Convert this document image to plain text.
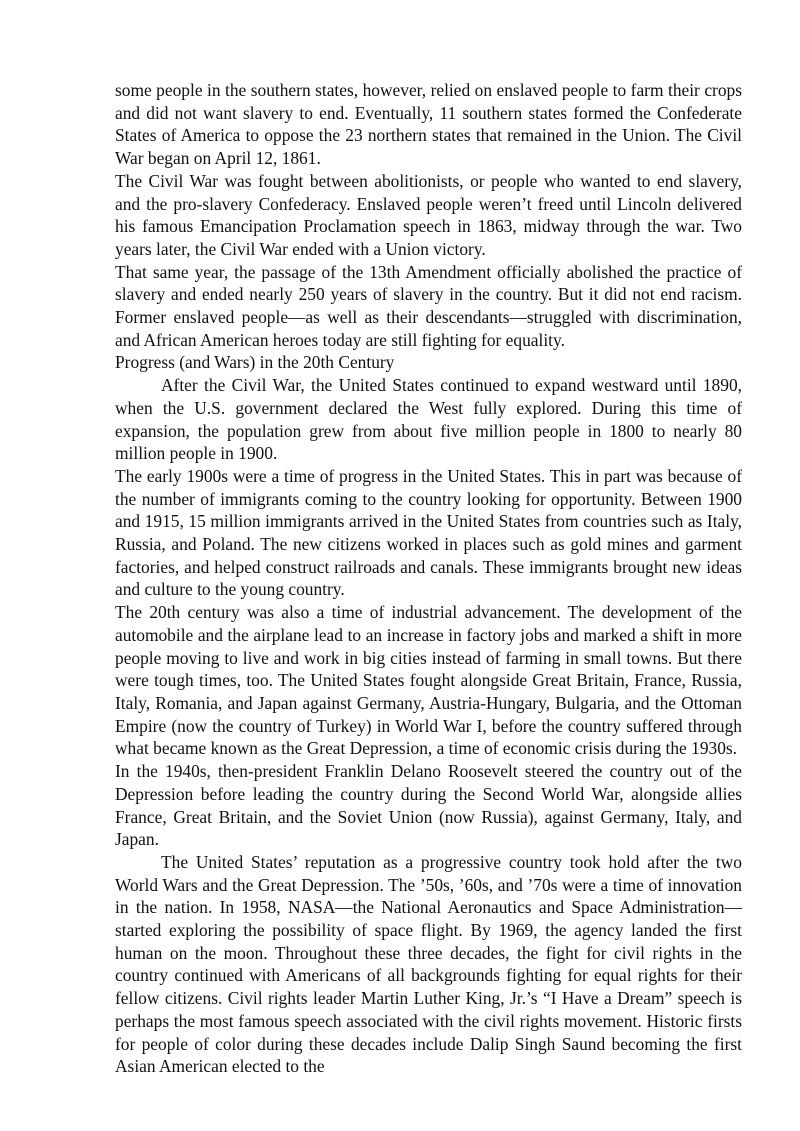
some people in the southern states, however, relied on enslaved people to farm their crops and did not want slavery to end. Eventually, 11 southern states formed the Confederate States of America to oppose the 23 northern states that remained in the Union. The Civil War began on April 12, 1861.

The Civil War was fought between abolitionists, or people who wanted to end slavery, and the pro-slavery Confederacy. Enslaved people weren’t freed until Lincoln delivered his famous Emancipation Proclamation speech in 1863, midway through the war. Two years later, the Civil War ended with a Union victory.

That same year, the passage of the 13th Amendment officially abolished the practice of slavery and ended nearly 250 years of slavery in the country. But it did not end racism. Former enslaved people—as well as their descendants—struggled with discrimination, and African American heroes today are still fighting for equality.

Progress (and Wars) in the 20th Century

After the Civil War, the United States continued to expand westward until 1890, when the U.S. government declared the West fully explored. During this time of expansion, the population grew from about five million people in 1800 to nearly 80 million people in 1900.

The early 1900s were a time of progress in the United States. This in part was because of the number of immigrants coming to the country looking for opportunity. Between 1900 and 1915, 15 million immigrants arrived in the United States from countries such as Italy, Russia, and Poland. The new citizens worked in places such as gold mines and garment factories, and helped construct railroads and canals. These immigrants brought new ideas and culture to the young country.

The 20th century was also a time of industrial advancement. The development of the automobile and the airplane lead to an increase in factory jobs and marked a shift in more people moving to live and work in big cities instead of farming in small towns. But there were tough times, too. The United States fought alongside Great Britain, France, Russia, Italy, Romania, and Japan against Germany, Austria-Hungary, Bulgaria, and the Ottoman Empire (now the country of Turkey) in World War I, before the country suffered through what became known as the Great Depression, a time of economic crisis during the 1930s.

In the 1940s, then-president Franklin Delano Roosevelt steered the country out of the Depression before leading the country during the Second World War, alongside allies France, Great Britain, and the Soviet Union (now Russia), against Germany, Italy, and Japan.

The United States’ reputation as a progressive country took hold after the two World Wars and the Great Depression. The ’50s, ’60s, and ’70s were a time of innovation in the nation. In 1958, NASA—the National Aeronautics and Space Administration—started exploring the possibility of space flight. By 1969, the agency landed the first human on the moon. Throughout these three decades, the fight for civil rights in the country continued with Americans of all backgrounds fighting for equal rights for their fellow citizens. Civil rights leader Martin Luther King, Jr.’s “I Have a Dream” speech is perhaps the most famous speech associated with the civil rights movement. Historic firsts for people of color during these decades include Dalip Singh Saund becoming the first Asian American elected to the
